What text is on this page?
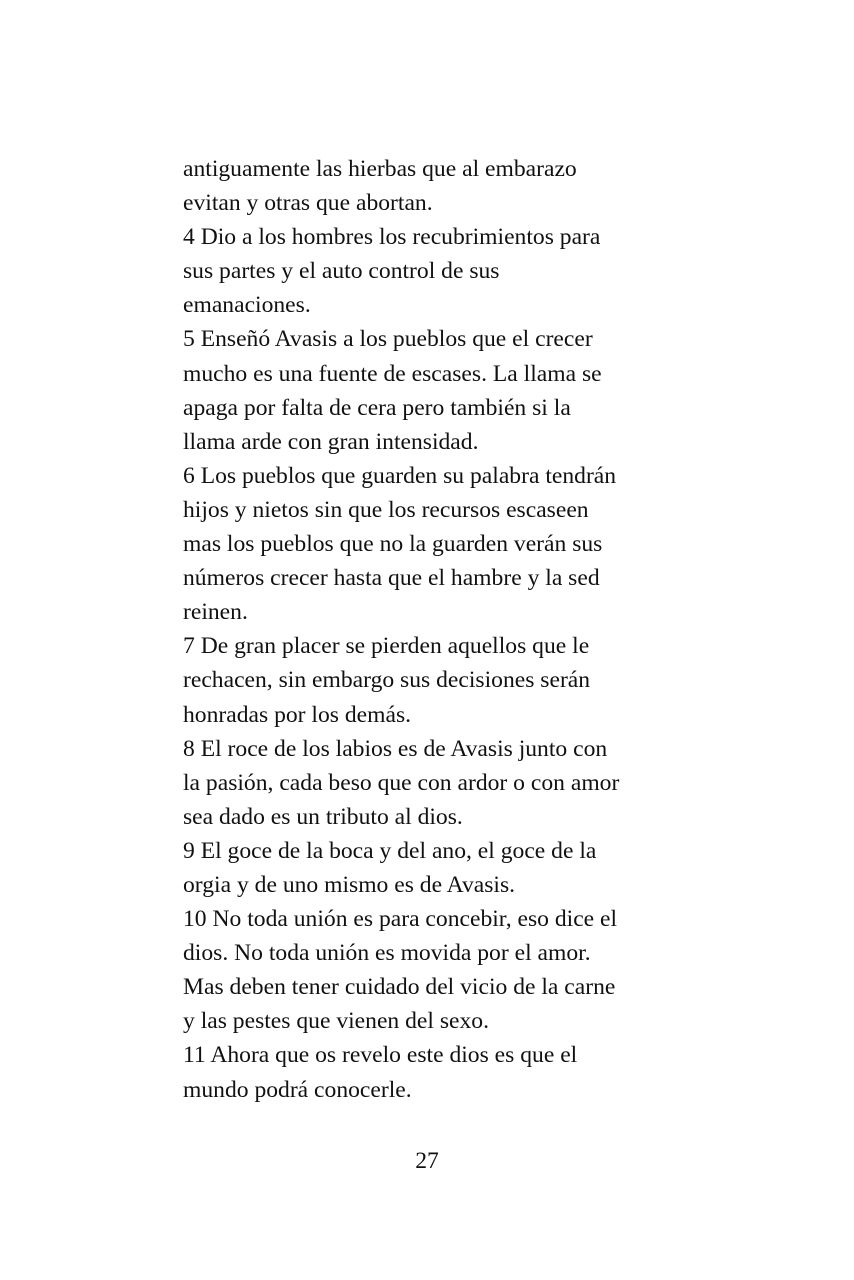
antiguamente las hierbas que al embarazo
evitan y otras que abortan.
4 Dio a los hombres los recubrimientos para
sus partes y el auto control de sus
emanaciones.
5 Enseñó Avasis a los pueblos que el crecer
mucho es una fuente de escases. La llama se
apaga por falta de cera pero también si la
llama arde con gran intensidad.
6 Los pueblos que guarden su palabra tendrán
hijos y nietos sin que los recursos escaseen
mas los pueblos que no la guarden verán sus
números crecer hasta que el hambre y la sed
reinen.
7 De gran placer se pierden aquellos que le
rechacen, sin embargo sus decisiones serán
honradas por los demás.
8 El roce de los labios es de Avasis junto con
la pasión, cada beso que con ardor o con amor
sea dado es un tributo al dios.
9 El goce de la boca y del ano, el goce de la
orgia y de uno mismo es de Avasis.
10 No toda unión es para concebir, eso dice el
dios. No toda unión es movida por el amor.
Mas deben tener cuidado del vicio de la carne
y las pestes que vienen del sexo.
11 Ahora que os revelo este dios es que el
mundo podrá conocerle.
27
